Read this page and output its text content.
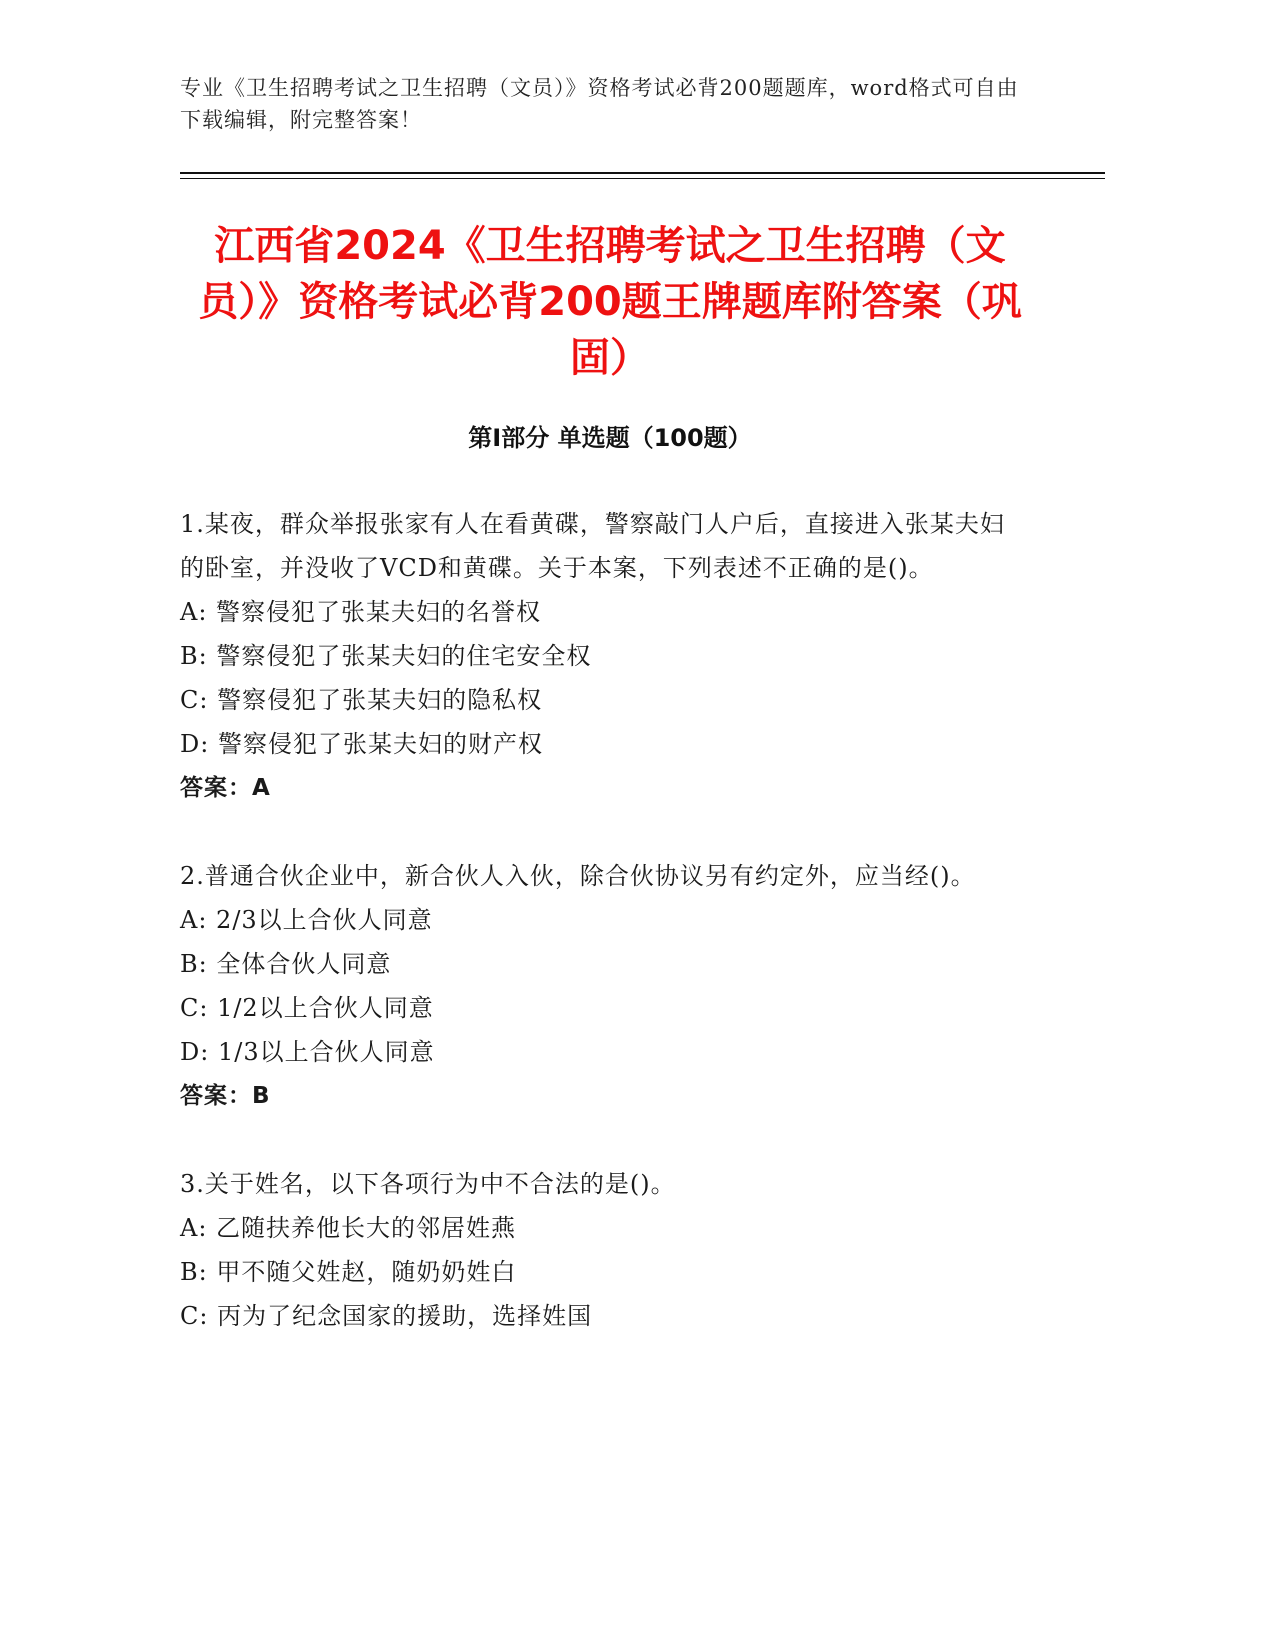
专业《卫生招聘考试之卫生招聘（文员）》资格考试必背200题题库，word格式可自由下载编辑，附完整答案！
江西省2024《卫生招聘考试之卫生招聘（文员）》资格考试必背200题王牌题库附答案（巩固）
第I部分 单选题（100题）

1.某夜，群众举报张家有人在看黄碟，警察敲门人户后，直接进入张某夫妇的卧室，并没收了VCD和黄碟。关于本案，下列表述不正确的是()。

A: 警察侵犯了张某夫妇的名誉权

B: 警察侵犯了张某夫妇的住宅安全权

C: 警察侵犯了张某夫妇的隐私权

D: 警察侵犯了张某夫妇的财产权

答案：A

2.普通合伙企业中，新合伙人入伙，除合伙协议另有约定外，应当经()。

A: 2/3以上合伙人同意

B: 全体合伙人同意

C: 1/2以上合伙人同意

D: 1/3以上合伙人同意

答案：B

3.关于姓名，以下各项行为中不合法的是()。

A: 乙随扶养他长大的邻居姓燕

B: 甲不随父姓赵，随奶奶姓白

C: 丙为了纪念国家的援助，选择姓国
